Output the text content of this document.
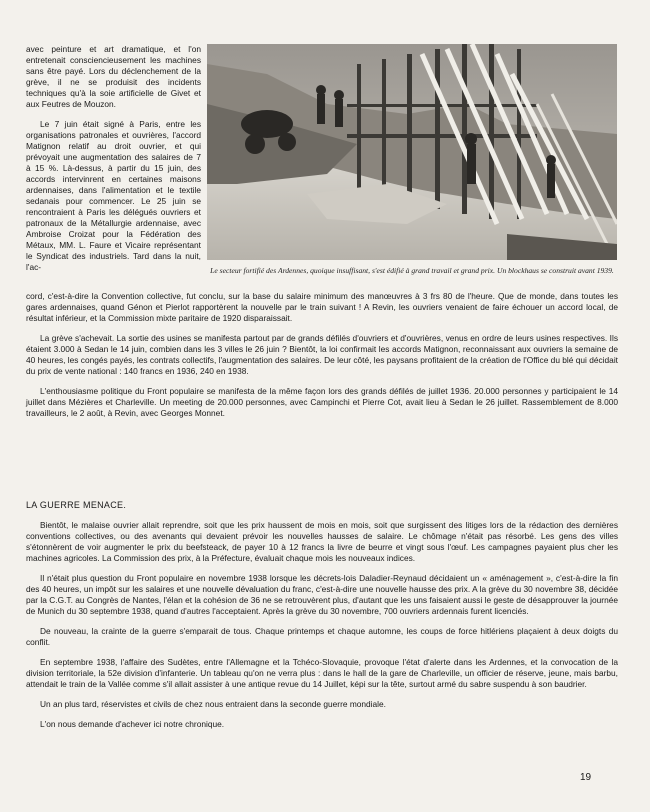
avec peinture et art dramatique, et l'on entretenait consciencieusement les machines sans être payé. Lors du déclenchement de la grève, il ne se produisit des incidents techniques qu'à la soie artificielle de Givet et aux Feutres de Mouzon.

Le 7 juin était signé à Paris, entre les organisations patronales et ouvrières, l'accord Matignon relatif au droit ouvrier, et qui prévoyait une augmentation des salaires de 7 à 15 %. Là-dessus, à partir du 15 juin, des accords intervinrent en certaines maisons ardennaises, dans l'alimentation et le textile sedanais pour commencer. Le 25 juin se rencontraient à Paris les délégués ouvriers et patronaux de la Métallurgie ardennaise, avec Ambroise Croizat pour la Fédération des Métaux, MM. L. Faure et Vicaire représentant le Syndicat des industriels. Tard dans la nuit, l'ac-	Le secteur fortifié des Ardennes, quoique insuffisant, s'est édifié à grand travail et grand prix. Un blockhaus se construit avant 1939.

cord, c'est-à-dire la Convention collective, fut conclu, sur la base du salaire minimum des manœuvres à 3 frs 80 de l'heure. Que de monde, dans toutes les gares ardennaises, quand Génon et Pierlot rapportèrent la nouvelle par le train suivant ! A Revin, les ouvriers venaient de faire échouer un accord local, de résultat inférieur, et la Commission mixte paritaire de 1920 disparaissait.

La grève s'achevait. La sortie des usines se manifesta partout par de grands défilés d'ouvriers et d'ouvrières, venus en ordre de leurs usines respectives. Ils étaient 3.000 à Sedan le 14 juin, combien dans les 3 villes le 26 juin ? Bientôt, la loi confirmait les accords Matignon, reconnaissant aux ouvriers la semaine de 40 heures, les congés payés, les contrats collectifs, l'augmentation des salaires. De leur côté, les paysans profitaient de la création de l'Office du blé qui décidait du prix de vente national : 140 francs en 1936, 240 en 1938.

L'enthousiasme politique du Front populaire se manifesta de la même façon lors des grands défilés de juillet 1936. 20.000 personnes y participaient le 14 juillet dans Mézières et Charleville. Un meeting de 20.000 personnes, avec Campinchi et Pierre Cot, avait lieu à Sedan le 26 juillet. Rassemblement de 8.000 travailleurs, le 2 août, à Revin, avec Georges Monnet.

LA GUERRE MENACE.

Bientôt, le malaise ouvrier allait reprendre, soit que les prix haussent de mois en mois, soit que surgissent des litiges lors de la rédaction des dernières conventions collectives, ou des avenants qui devaient prévoir les nouvelles hausses de salaire. Le chômage n'était pas résorbé. Les gens des villes s'étonnèrent de voir augmenter le prix du beefsteack, de payer 10 à 12 francs la livre de beurre et vingt sous l'œuf. Les campagnes payaient plus cher les machines agricoles. La Commission des prix, à la Préfecture, évaluait chaque mois les nouveaux indices.

Il n'était plus question du Front populaire en novembre 1938 lorsque les décrets-lois Daladier-Reynaud décidaient un « aménagement », c'est-à-dire la fin des 40 heures, un impôt sur les salaires et une nouvelle dévaluation du franc, c'est-à-dire une nouvelle hausse des prix. A la grève du 30 novembre 38, décidée par la C.G.T. au Congrès de Nantes, l'élan et la cohésion de 36 ne se retrouvèrent plus, d'autant que les uns faisaient aussi le geste de désapprouver la journée de Munich du 30 septembre 1938, quand d'autres l'acceptaient. Après la grève du 30 novembre, 700 ouvriers ardennais furent licenciés.

De nouveau, la crainte de la guerre s'emparait de tous. Chaque printemps et chaque automne, les coups de force hitlériens plaçaient à deux doigts du conflit.

En septembre 1938, l'affaire des Sudètes, entre l'Allemagne et la Tchéco-Slovaquie, provoque l'état d'alerte dans les Ardennes, et la convocation de la division territoriale, la 52e division d'infanterie. Un tableau qu'on ne verra plus : dans le hall de la gare de Charleville, un officier de réserve, jeune, mais barbu, attendait le train de la Vallée comme s'il allait assister à une antique revue du 14 Juillet, képi sur la tête, surtout armé du sabre suspendu à son baudrier.

Un an plus tard, réservistes et civils de chez nous entraient dans la seconde guerre mondiale.

L'on nous demande d'achever ici notre chronique.

19
